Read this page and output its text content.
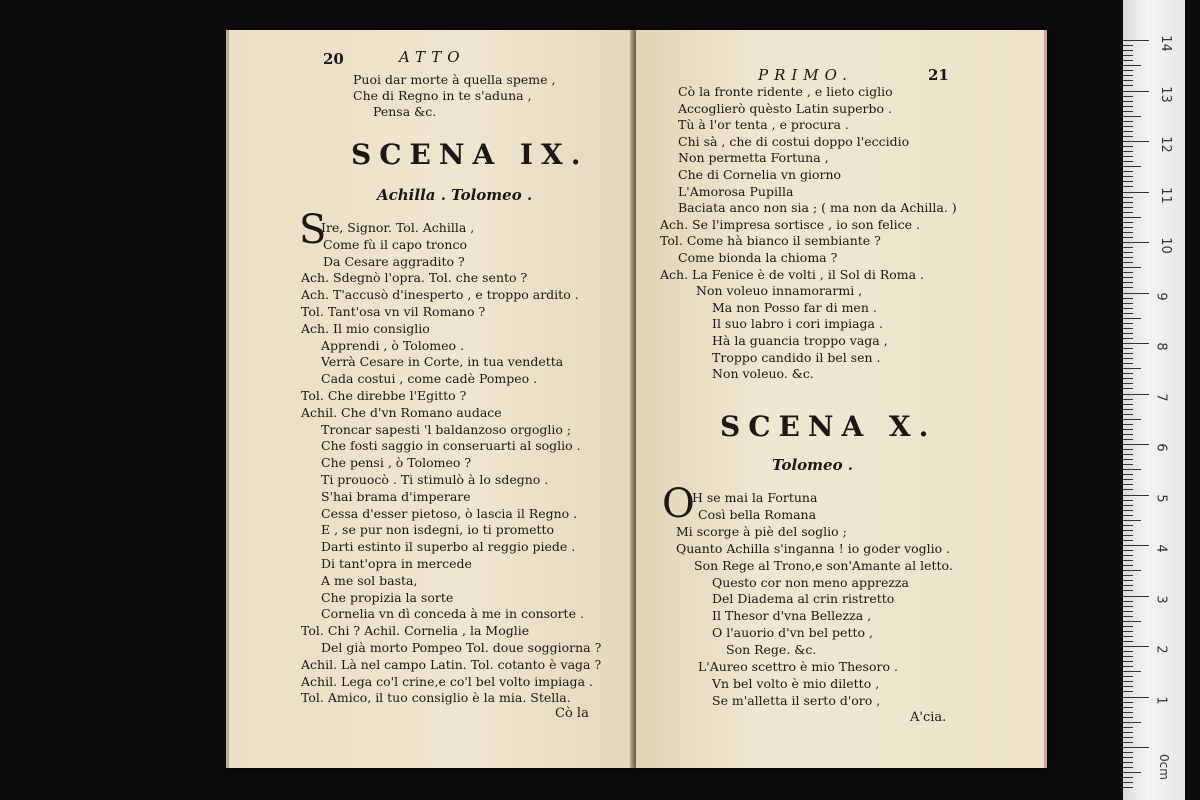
20	ATTO
Puoi dar morte à quella speme ,
Che di Regno in te s'aduna ,
Pensa &c.
SCENA IX.
Achilla . Tolomeo .
S
Ire, Signor. Tol. Achilla ,
Come fù il capo tronco
Da Cesare aggradito ?
Ach. Sdegnò l'opra. Tol. che sento ?
Ach. T'accusò d'inesperto , e troppo ardito .
Tol. Tant'osa vn vil Romano ?
Ach. Il mio consiglio
Apprendi , ò Tolomeo .
Verrà Cesare in Corte, in tua vendetta
Cada costui , come cadè Pompeo .
Tol. Che direbbe l'Egitto ?
Achil. Che d'vn Romano audace
Troncar sapesti 'l baldanzoso orgoglio ;
Che fosti saggio in conseruarti al soglio .
Che pensi , ò Tolomeo ?
Ti prouocò . Ti stimulò à lo sdegno .
S'hai brama d'imperare
Cessa d'esser pietoso, ò lascia il Regno .
E , se pur non isdegni, io ti prometto
Darti estinto il superbo al reggio piede .
Di tant'opra in mercede
A me sol basta,
Che propizia la sorte
Cornelia vn dì conceda à me in consorte .
Tol. Chi ? Achil. Cornelia , la Moglie
Del già morto Pompeo Tol. doue soggiorna ?
Achil. Là nel campo Latin. Tol. cotanto è vaga ?
Achil. Lega co'l crine,e co'l bel volto impiaga .
Tol. Amico, il tuo consiglio è la mia. Stella.
Cò la
PRIMO.	21
Cò la fronte ridente , e lieto ciglio
Accoglierò quèsto Latin superbo .
Tù à l'or tenta , e procura .
Chi sà , che di costui doppo l'eccidio
Non permetta Fortuna ,
Che di Cornelia vn giorno
L'Amorosa Pupilla
Baciata anco non sia ; ( ma non da Achilla. )
Ach. Se l'impresa sortisce , io son felice .
Tol. Come hà bianco il sembiante ?
Come bionda la chioma ?
Ach. La Fenice è de volti , il Sol di Roma .
Non voleuo innamorarmi ,
Ma non Posso far di men .
Il suo labro i cori impiaga .
Hà la guancia troppo vaga ,
Troppo candido il bel sen .
Non voleuo. &c.
SCENA X.
Tolomeo .
O
H se mai la Fortuna
Così bella Romana
Mi scorge à piè del soglio ;
Quanto Achilla s'inganna ! io goder voglio .
Son Rege al Trono,e son'Amante al letto.
Questo cor non meno apprezza
Del Diadema al crin ristretto
Il Thesor d'vna Bellezza ,
O l'auorio d'vn bel petto ,
Son Rege. &c.
L'Aureo scettro è mio Thesoro .
Vn bel volto è mio diletto ,
Se m'alletta il serto d'oro ,
A'cia.
14
13
12
11
10
9
8
7
6
5
4
3
2
1
0cm
